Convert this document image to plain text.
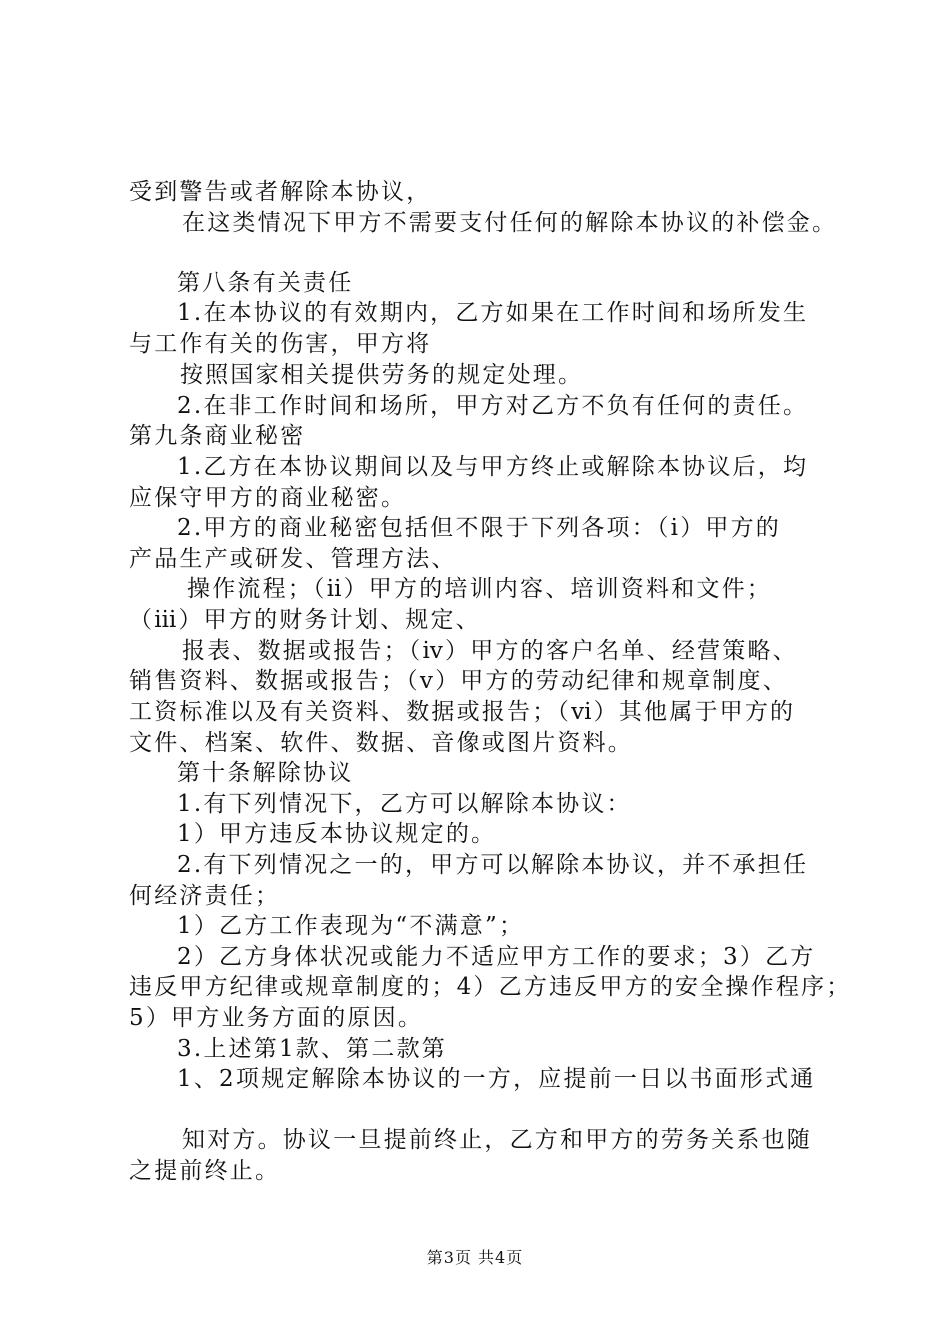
受到警告或者解除本协议，
在这类情况下甲方不需要支付任何的解除本协议的补偿金。
第八条有关责任
1.在本协议的有效期内，乙方如果在工作时间和场所发生
与工作有关的伤害，甲方将
按照国家相关提供劳务的规定处理。
2.在非工作时间和场所，甲方对乙方不负有任何的责任。
第九条商业秘密
1.乙方在本协议期间以及与甲方终止或解除本协议后，均
应保守甲方的商业秘密。
2.甲方的商业秘密包括但不限于下列各项：（ⅰ）甲方的
产品生产或研发、管理方法、
操作流程；（ⅱ）甲方的培训内容、培训资料和文件；
（ⅲ）甲方的财务计划、规定、
报表、数据或报告；（ⅳ）甲方的客户名单、经营策略、
销售资料、数据或报告；（ⅴ）甲方的劳动纪律和规章制度、
工资标准以及有关资料、数据或报告；（ⅵ）其他属于甲方的
文件、档案、软件、数据、音像或图片资料。
第十条解除协议
1.有下列情况下，乙方可以解除本协议：
1）甲方违反本协议规定的。
2.有下列情况之一的，甲方可以解除本协议，并不承担任
何经济责任；
1）乙方工作表现为“不满意”；
2）乙方身体状况或能力不适应甲方工作的要求；3）乙方
违反甲方纪律或规章制度的；4）乙方违反甲方的安全操作程序；
5）甲方业务方面的原因。
3.上述第1款、第二款第
1、2项规定解除本协议的一方，应提前一日以书面形式通
知对方。协议一旦提前终止，乙方和甲方的劳务关系也随
之提前终止。
第3页 共4页
